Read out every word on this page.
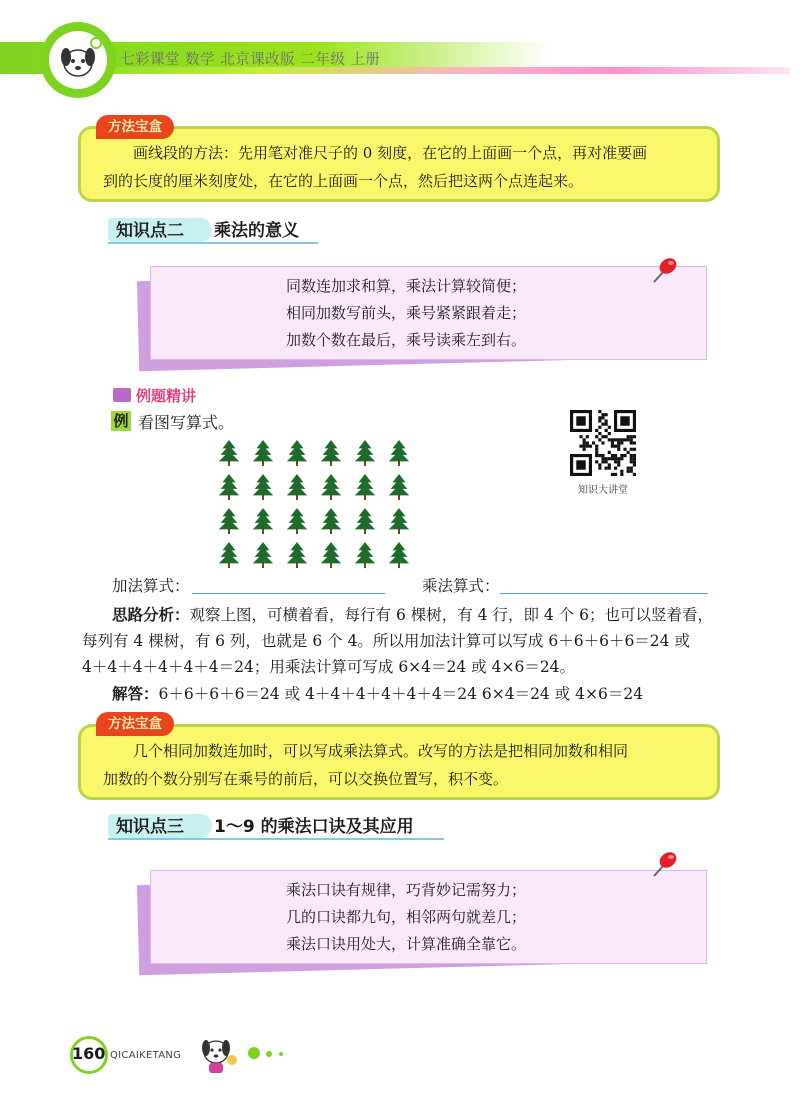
七彩课堂 数学 北京课改版 二年级 上册
画线段的方法：先用笔对准尺子的 0 刻度，在它的上面画一个点，再对准要画
到的长度的厘米刻度处，在它的上面画一个点，然后把这两个点连起来。
方法宝盒
知识点二 乘法的意义
同数连加求和算，乘法计算较简便；
相同加数写前头，乘号紧紧跟着走；
加数个数在最后，乘号读乘左到右。
例题精讲
例 看图写算式。
知识大讲堂
加法算式：	乘法算式：
思路分析：观察上图，可横着看，每行有 6 棵树，有 4 行，即 4 个 6；也可以竖着看，
每列有 4 棵树，有 6 列，也就是 6 个 4。所以用加法计算可以写成 6＋6＋6＋6＝24 或
4＋4＋4＋4＋4＋4＝24；用乘法计算可写成 6×4＝24 或 4×6＝24。
解答：6＋6＋6＋6＝24 或 4＋4＋4＋4＋4＋4＝24 6×4＝24 或 4×6＝24
几个相同加数连加时，可以写成乘法算式。改写的方法是把相同加数和相同
加数的个数分别写在乘号的前后，可以交换位置写，积不变。
方法宝盒
知识点三 1～9 的乘法口诀及其应用
乘法口诀有规律，巧背妙记需努力；
几的口诀都九句，相邻两句就差几；
乘法口诀用处大，计算准确全靠它。
160 QICAIKETANG
